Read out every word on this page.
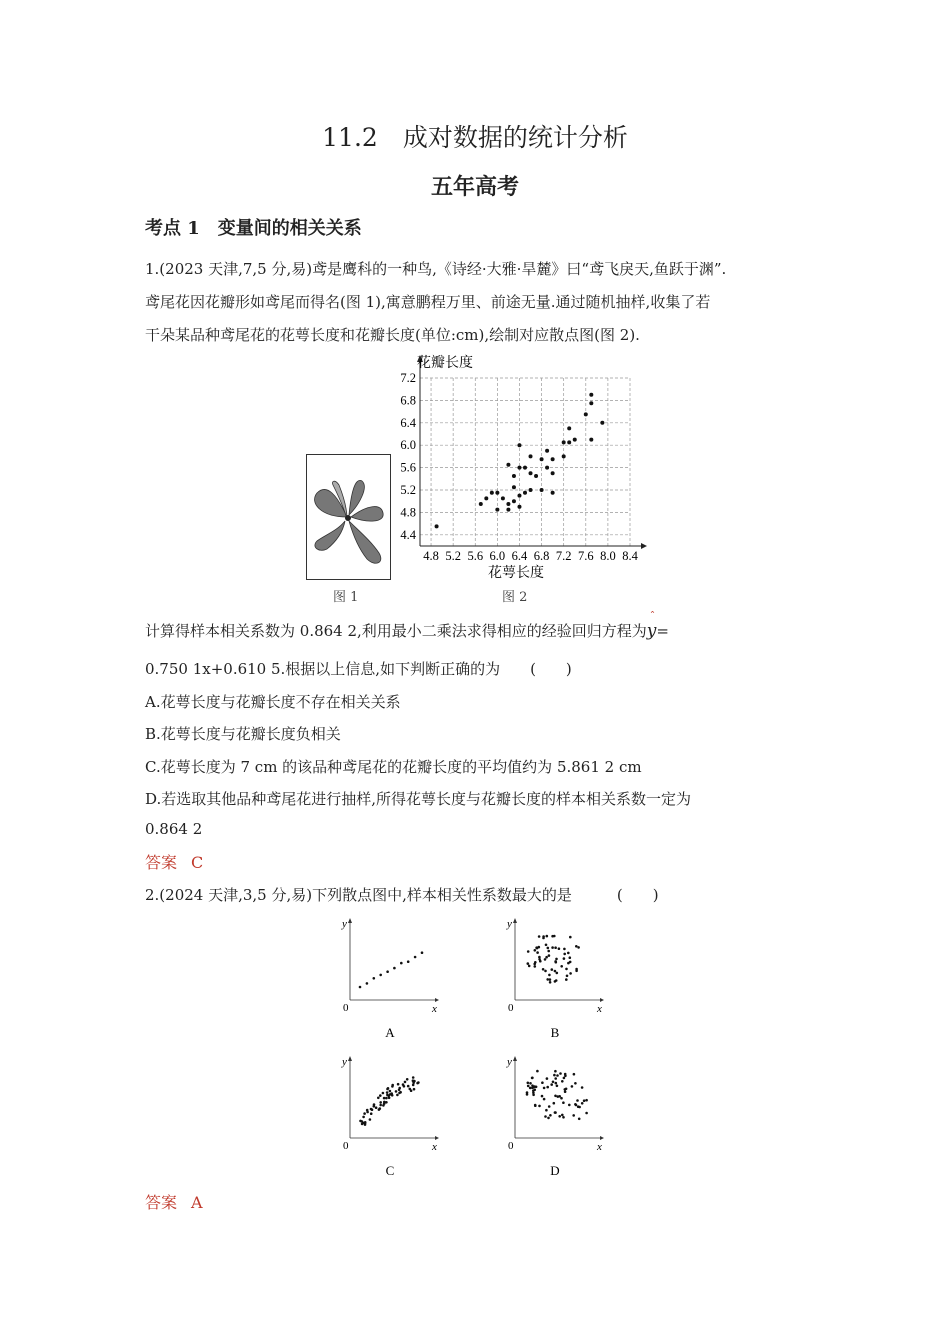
11.2　成对数据的统计分析
五年高考
考点 1　变量间的相关关系
1.(2023 天津,7,5 分,易)鸢是鹰科的一种鸟,《诗经·大雅·旱麓》曰“鸢飞戾天,鱼跃于渊”.
鸢尾花因花瓣形如鸢尾而得名(图 1),寓意鹏程万里、前途无量.通过随机抽样,收集了若
干朵某品种鸢尾花的花萼长度和花瓣长度(单位:cm),绘制对应散点图(图 2).
4.8 5.2 5.6 6.0 6.4 6.8 7.2 7.6 8.0 8.4
4.4
4.8
5.2
5.6
6.0
6.4
6.8
7.2
花瓣长度
花萼长度
图 1	图 2
计算得样本相关系数为 0.864 2,利用最小二乘法求得相应的经验回归方程为
ˆ
y=
0.750 1x+0.610 5.根据以上信息,如下判断正确的为　　(　　)
A.花萼长度与花瓣长度不存在相关关系
B.花萼长度与花瓣长度负相关
C.花萼长度为 7 cm 的该品种鸢尾花的花瓣长度的平均值约为 5.861 2 cm
D.若选取其他品种鸢尾花进行抽样,所得花萼长度与花瓣长度的样本相关系数一定为
0.864 2
答案 C
2.(2024 天津,3,5 分,易)下列散点图中,样本相关性系数最大的是　　　(　　)
y
x
0
A
y
x
0
B
y
x
0
C
y
x
0
D
答案 A
